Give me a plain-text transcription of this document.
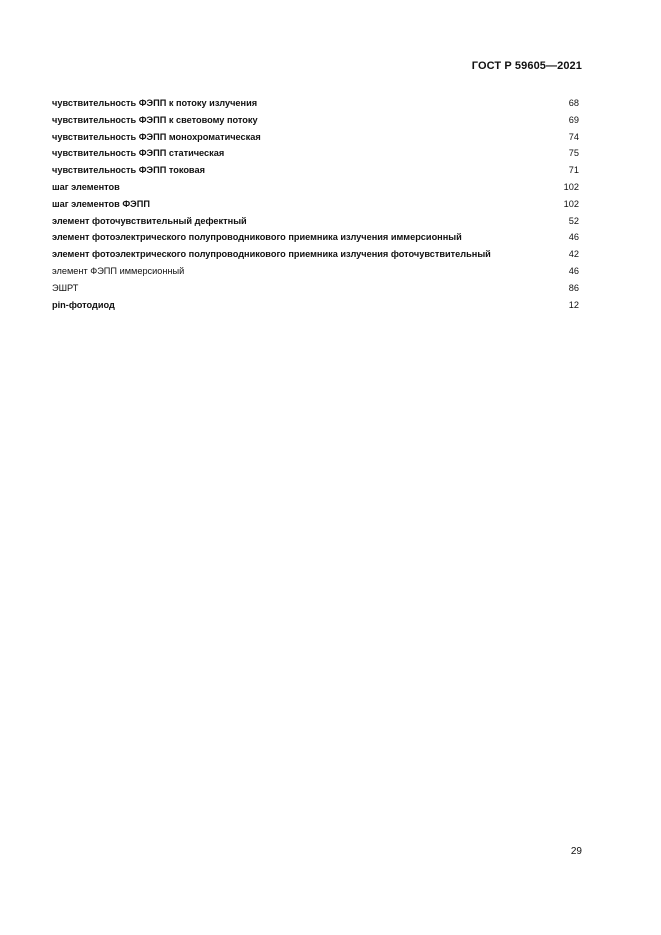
ГОСТ Р 59605—2021
чувствительность ФЭПП к потоку излучения	68
чувствительность ФЭПП к световому потоку	69
чувствительность ФЭПП монохроматическая	74
чувствительность ФЭПП статическая	75
чувствительность ФЭПП токовая	71
шаг элементов	102
шаг элементов ФЭПП	102
элемент фоточувствительный дефектный	52
элемент фотоэлектрического полупроводникового приемника излучения иммерсионный	46
элемент фотоэлектрического полупроводникового приемника излучения фоточувствительный	42
элемент ФЭПП иммерсионный	46
ЭШРТ	86
pin-фотодиод	12
29
